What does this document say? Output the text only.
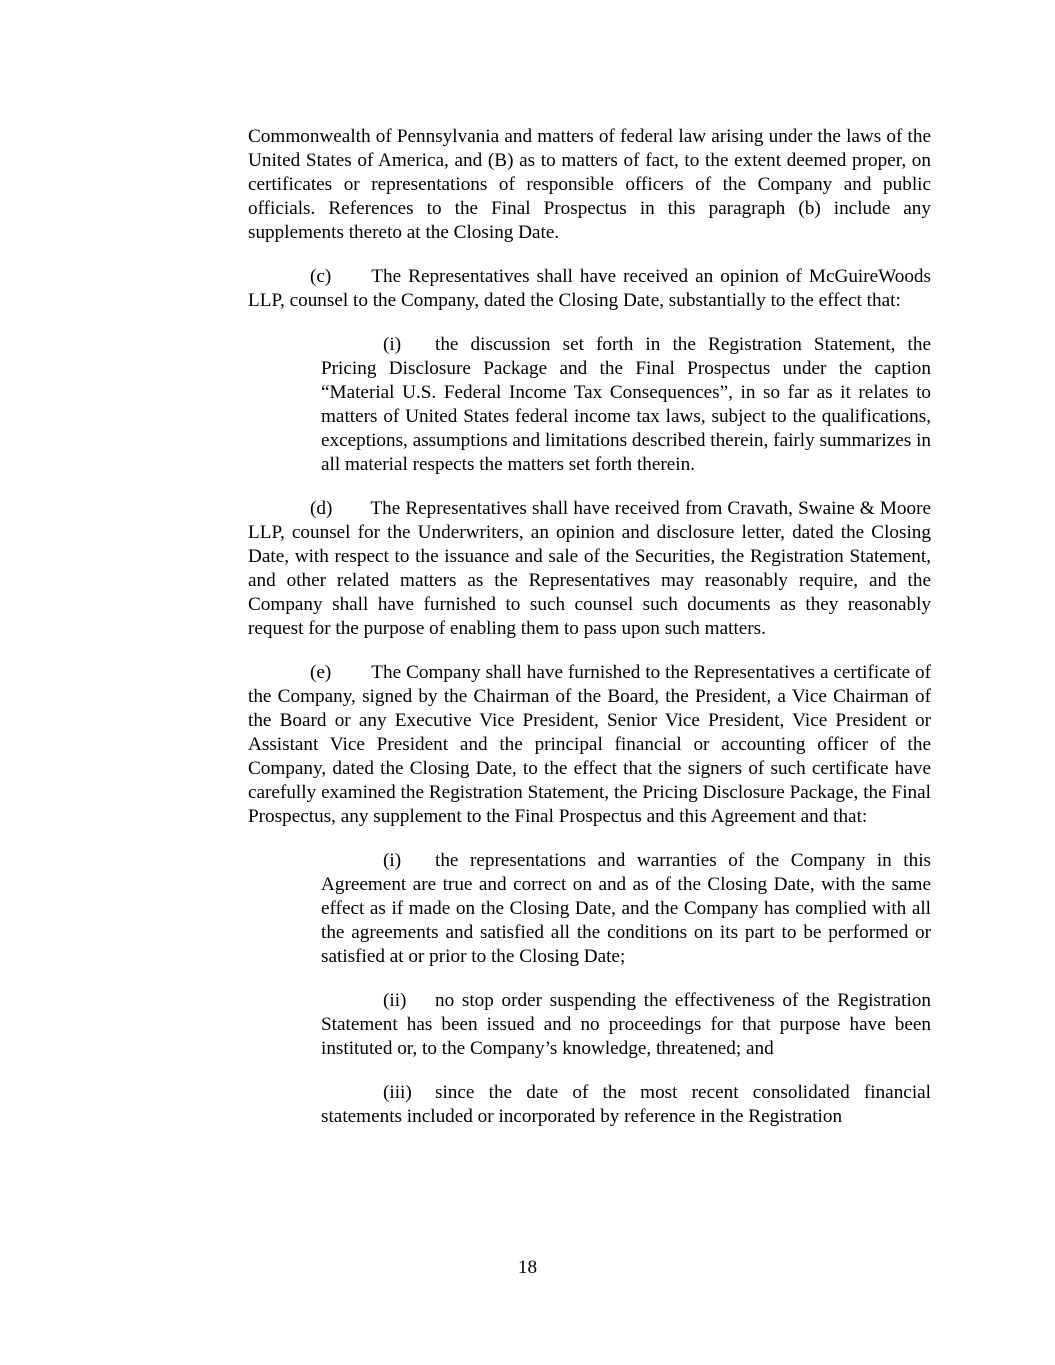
Commonwealth of Pennsylvania and matters of federal law arising under the laws of the United States of America, and (B) as to matters of fact, to the extent deemed proper, on certificates or representations of responsible officers of the Company and public officials. References to the Final Prospectus in this paragraph (b) include any supplements thereto at the Closing Date.

(c) The Representatives shall have received an opinion of McGuireWoods LLP, counsel to the Company, dated the Closing Date, substantially to the effect that:

(i) the discussion set forth in the Registration Statement, the Pricing Disclosure Package and the Final Prospectus under the caption “Material U.S. Federal Income Tax Consequences”, in so far as it relates to matters of United States federal income tax laws, subject to the qualifications, exceptions, assumptions and limitations described therein, fairly summarizes in all material respects the matters set forth therein.

(d) The Representatives shall have received from Cravath, Swaine & Moore LLP, counsel for the Underwriters, an opinion and disclosure letter, dated the Closing Date, with respect to the issuance and sale of the Securities, the Registration Statement, and other related matters as the Representatives may reasonably require, and the Company shall have furnished to such counsel such documents as they reasonably request for the purpose of enabling them to pass upon such matters.

(e) The Company shall have furnished to the Representatives a certificate of the Company, signed by the Chairman of the Board, the President, a Vice Chairman of the Board or any Executive Vice President, Senior Vice President, Vice President or Assistant Vice President and the principal financial or accounting officer of the Company, dated the Closing Date, to the effect that the signers of such certificate have carefully examined the Registration Statement, the Pricing Disclosure Package, the Final Prospectus, any supplement to the Final Prospectus and this Agreement and that:

(i) the representations and warranties of the Company in this Agreement are true and correct on and as of the Closing Date, with the same effect as if made on the Closing Date, and the Company has complied with all the agreements and satisfied all the conditions on its part to be performed or satisfied at or prior to the Closing Date;

(ii) no stop order suspending the effectiveness of the Registration Statement has been issued and no proceedings for that purpose have been instituted or, to the Company’s knowledge, threatened; and

(iii) since the date of the most recent consolidated financial statements included or incorporated by reference in the Registration

18
